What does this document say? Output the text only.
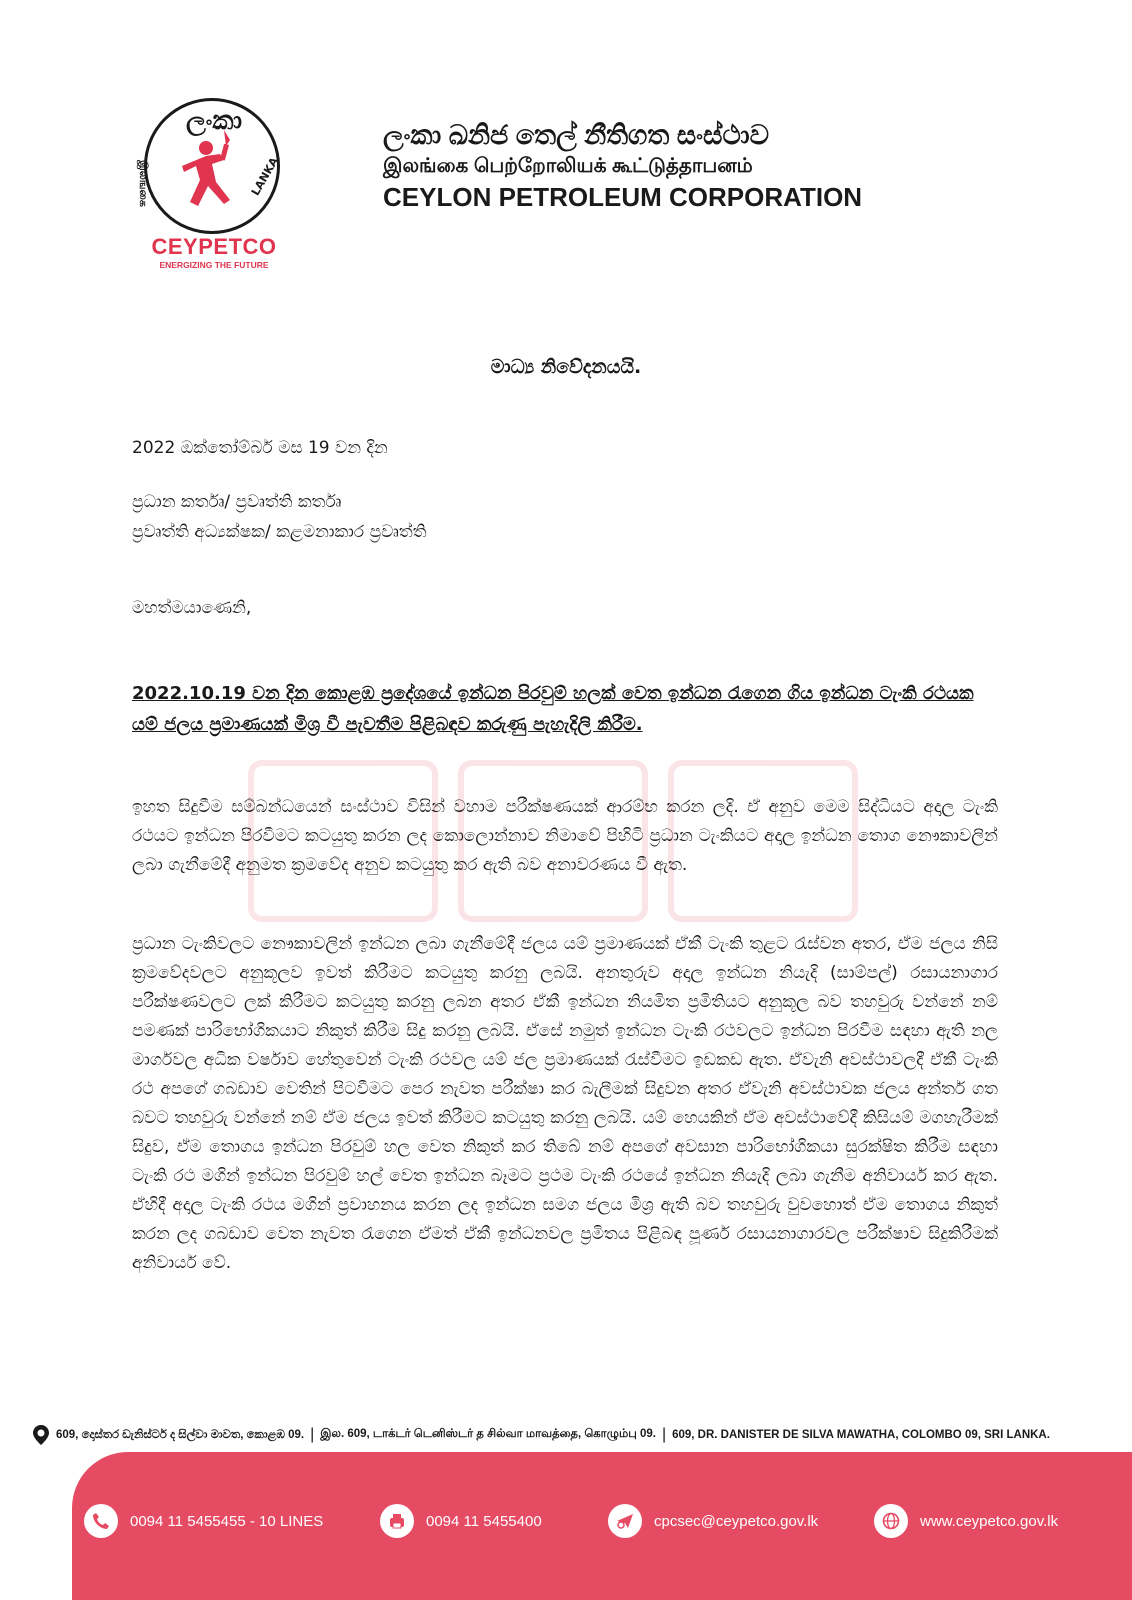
ලංකා
இலங்கை	LANKA
CEYPETCO
ENERGIZING THE FUTURE
ලංකා ඛනිජ තෙල් නීතිගත සංස්ථාව
இலங்கை பெற்றோலியக் கூட்டுத்தாபனம்
CEYLON PETROLEUM CORPORATION
මාධ්‍ය නිවේදනයයි.
2022 ඔක්තෝම්බර් මස 19 වන දින
ප්‍රධාන කර්තෘ/ ප්‍රවෘත්ති කර්තෘ
ප්‍රවෘත්ති අධ්‍යක්ෂක/ කළමනාකාර ප්‍රවෘත්ති
මහත්මයාණෙනි,
2022.10.19 වන දින කොළඹ ප්‍රදේශයේ ඉන්ධන පිරවුම් හලක් වෙත ඉන්ධන රැගෙන ගිය ඉන්ධන ටැංකි රථයක යම් ජලය ප්‍රමාණයක් මිශ්‍ර වී පැවතීම පිළිබඳව කරුණු පැහැදිලි කිරීම.
ඉහත සිදුවීම සම්බන්ධයෙන් සංස්ථාව විසින් වහාම පරීක්ෂණයක් ආරම්භ කරන ලදි. ඒ අනුව මෙම සිද්ධියට අදාල ටැංකි රථයට ඉන්ධන පිරවීමට කටයුතු කරන ලද කොලොන්නාව නිමාවේ පිහිටි ප්‍රධාන ටැංකියට අදාල ඉන්ධන තොග නෞකාවලින් ලබා ගැනීමේදී අනුමත ක්‍රමවේද අනුව කටයුතු කර ඇති බව අනාවරණය වී ඇත.
ප්‍රධාන ටැංකිවලට නෞකාවලින් ඉන්ධන ලබා ගැනීමේදී ජලය යම් ප්‍රමාණයක් ඒකී ටැංකි තුළට රැස්වන අතර, ඒම ජලය නිසි ක්‍රමවේදවලට අනුකූලව ඉවත් කිරීමට කටයුතු කරනු ලබයි. අනතුරුව අදාල ඉන්ධන නියැදි (සාම්පල්) රසායනාගාර පරීක්ෂණවලට ලක් කිරීමට කටයුතු කරනු ලබන අතර ඒකී ඉන්ධන නියමිත ප්‍රමිතියට අනුකූල බව තහවුරු වන්නේ නම් පමණක් පාරිභෝගිකයාට නිකුත් කිරීම සිදු කරනු ලබයි. ඒසේ නමුත් ඉන්ධන ටැංකි රථවලට ඉන්ධන පිරවීම සඳහා ඇති නල මාර්ගවල අධික වර්ෂාව හේතුවෙන් ටැංකි රථවල යම් ජල ප්‍රමාණයක් රැස්වීමට ඉඩකඩ ඇත. ඒවැනි අවස්ථාවලදී ඒකී ටැංකි රථ අපගේ ගබඩාව වෙතින් පිටවීමට පෙර නැවත පරීක්ෂා කර බැලීමක් සිදුවන අතර ඒවැනි අවස්ථාවක ජලය අන්තර් ගත බවට තහවුරු වන්නේ නම් ඒම ජලය ඉවත් කිරීමට කටයුතු කරනු ලබයි. යම් හෙයකින් ඒම අවස්ථාවේදී කිසියම් මගහැරීමක් සිදුව, ඒම තොගය ඉන්ධන පිරවුම් හල වෙත නිකුත් කර තිබේ නම් අපගේ අවසාන පාරිභෝගිකයා සුරක්ෂිත කිරීම සඳහා ටැංකි රථ මගින් ඉන්ධන පිරවුම් හල් වෙත ඉන්ධන බෑමට ප්‍රථම ටැංකි රථයේ ඉන්ධන නියැදි ලබා ගැනීම අනිවාර්ය කර ඇත. ඒහිදී අදාල ටැංකි රථය මගින් ප්‍රවාහනය කරන ලද ඉන්ධන සමග ජලය මිශ්‍ර ඇති බව තහවුරු වුවහොත් ඒම තොගය නිකුත් කරන ලද ගබඩාව වෙත නැවත රැගෙන ඒමත් ඒකී ඉන්ධනවල ප්‍රමිතය පිළිබඳ පූර්ණ රසායනාගාරවල පරීක්ෂාව සිදුකිරීමක් අනිවාර්ය වේ.
609, දොස්තර ඩැනිස්ටර් ද සිල්වා මාවත, කොළඹ 09. | இல. 609, டாக்டர் டெனிஸ்டர் த சில்வா மாவத்தை, கொழும்பு 09. | 609, DR. DANISTER DE SILVA MAWATHA, COLOMBO 09, SRI LANKA.
0094 11 5455455 - 10 LINES	0094 11 5455400	cpcsec@ceypetco.gov.lk	www.ceypetco.gov.lk
